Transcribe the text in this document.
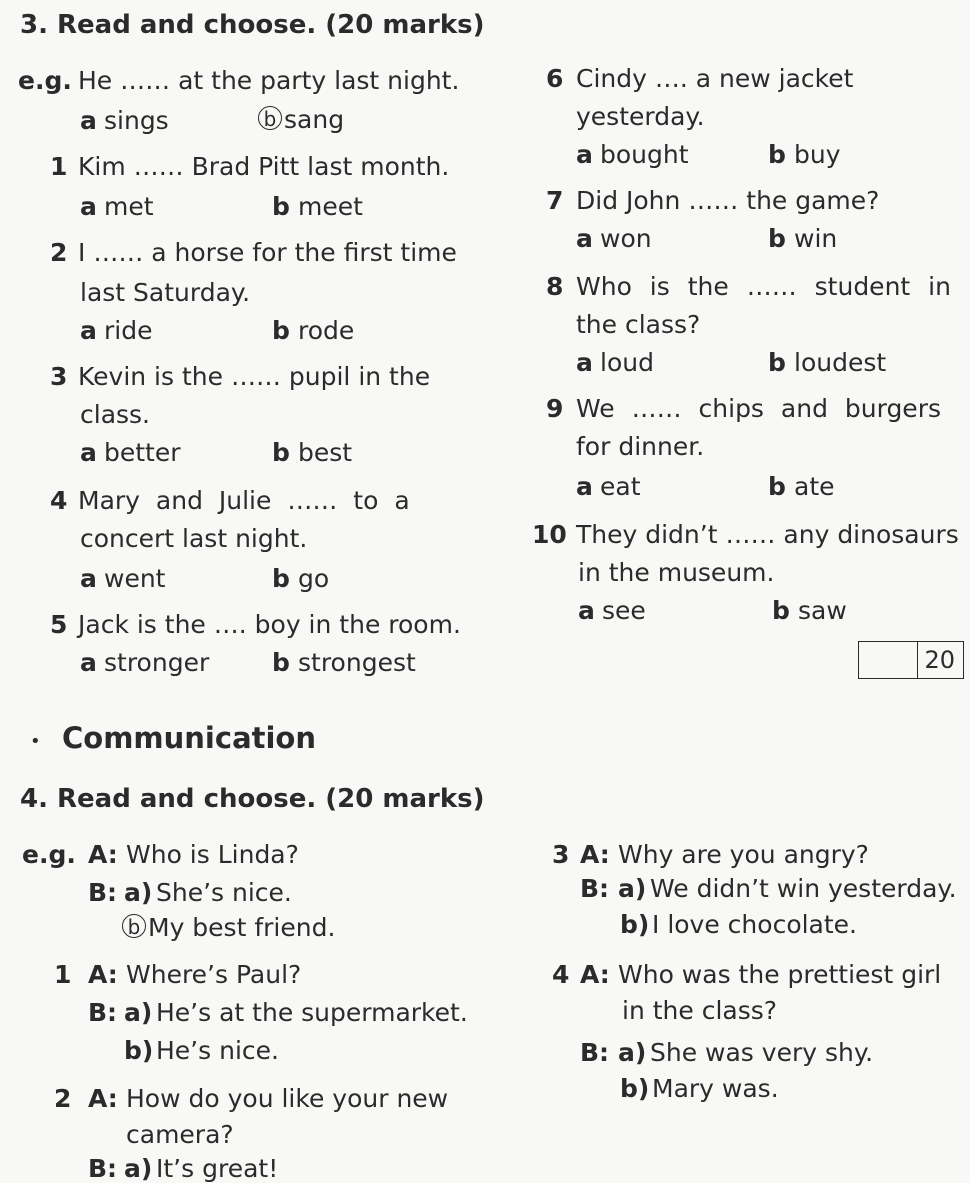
3. Read and choose. (20 marks)
e.g. He …… at the party last night.
a sings	b sang
1 Kim …… Brad Pitt last month.
a met	b meet
2 I …… a horse for the first time
last Saturday.
a ride	b rode
3 Kevin is the …… pupil in the
class.
a better	b best
4 Mary and Julie …… to a
concert last night.
a went	b go
5 Jack is the …. boy in the room.
a stronger	b strongest
6 Cindy …. a new jacket
yesterday.
a bought	b buy
7 Did John …… the game?
a won	b win
8 Who is the …… student in
the class?
a loud	b loudest
9 We …… chips and burgers
for dinner.
a eat	b ate
10 They didn’t …… any dinosaurs
in the museum.
a see	b saw
20
• Communication
4. Read and choose. (20 marks)
e.g. A: Who is Linda?
B: a) She’s nice.
b My best friend.
1 A: Where’s Paul?
B: a) He’s at the supermarket.
b) He’s nice.
2 A: How do you like your new
camera?
B: a) It’s great!
3 A: Why are you angry?
B: a) We didn’t win yesterday.
b) I love chocolate.
4 A: Who was the prettiest girl
in the class?
B: a) She was very shy.
b) Mary was.
